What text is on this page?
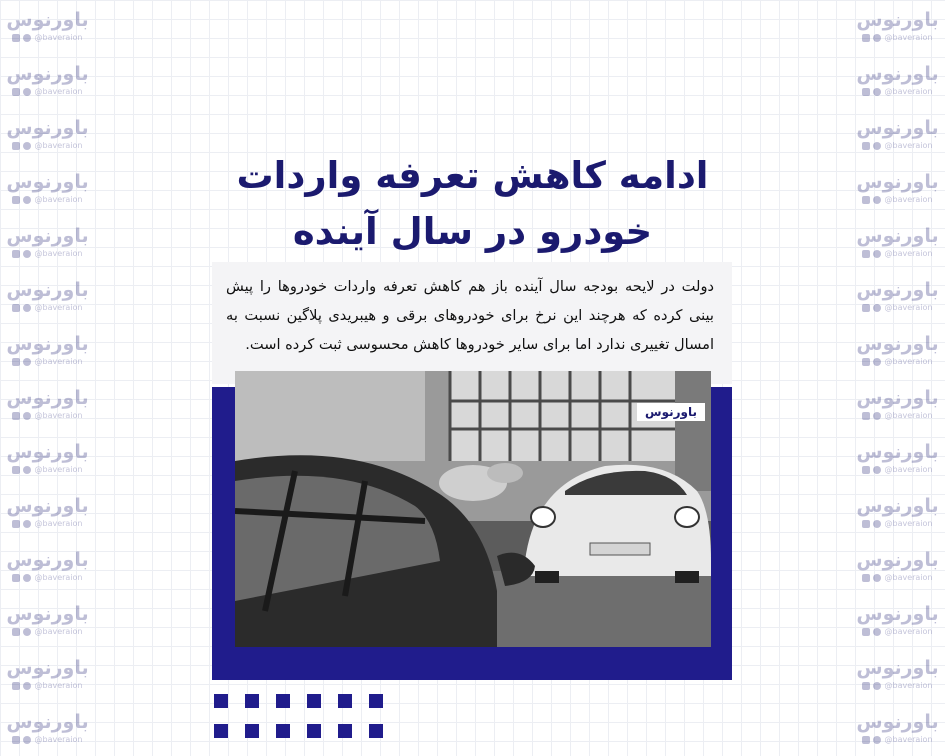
باورنوس
@baveraion
باورنوس
@baveraion
باورنوس
@baveraion
باورنوس
@baveraion
باورنوس
@baveraion
باورنوس
@baveraion
باورنوس
@baveraion
باورنوس
@baveraion
باورنوس
@baveraion
باورنوس
@baveraion
باورنوس
@baveraion
باورنوس
@baveraion
باورنوس
@baveraion
باورنوس
@baveraion
باورنوس
@baveraion
باورنوس
@baveraion
باورنوس
@baveraion
باورنوس
@baveraion
باورنوس
@baveraion
باورنوس
@baveraion
باورنوس
@baveraion
باورنوس
@baveraion
باورنوس
@baveraion
باورنوس
@baveraion
باورنوس
@baveraion
باورنوس
@baveraion
باورنوس
@baveraion
باورنوس
@baveraion
ادامه کاهش تعرفه واردات خودرو در سال آینده

دولت در لایحه بودجه سال آینده باز هم کاهش تعرفه واردات خودروها را پیش بینی کرده که هرچند این نرخ برای خودروهای برقی و هیبریدی پلاگین نسبت به امسال تغییری ندارد اما برای سایر خودروها کاهش محسوسی ثبت کرده است.

باورنوس
